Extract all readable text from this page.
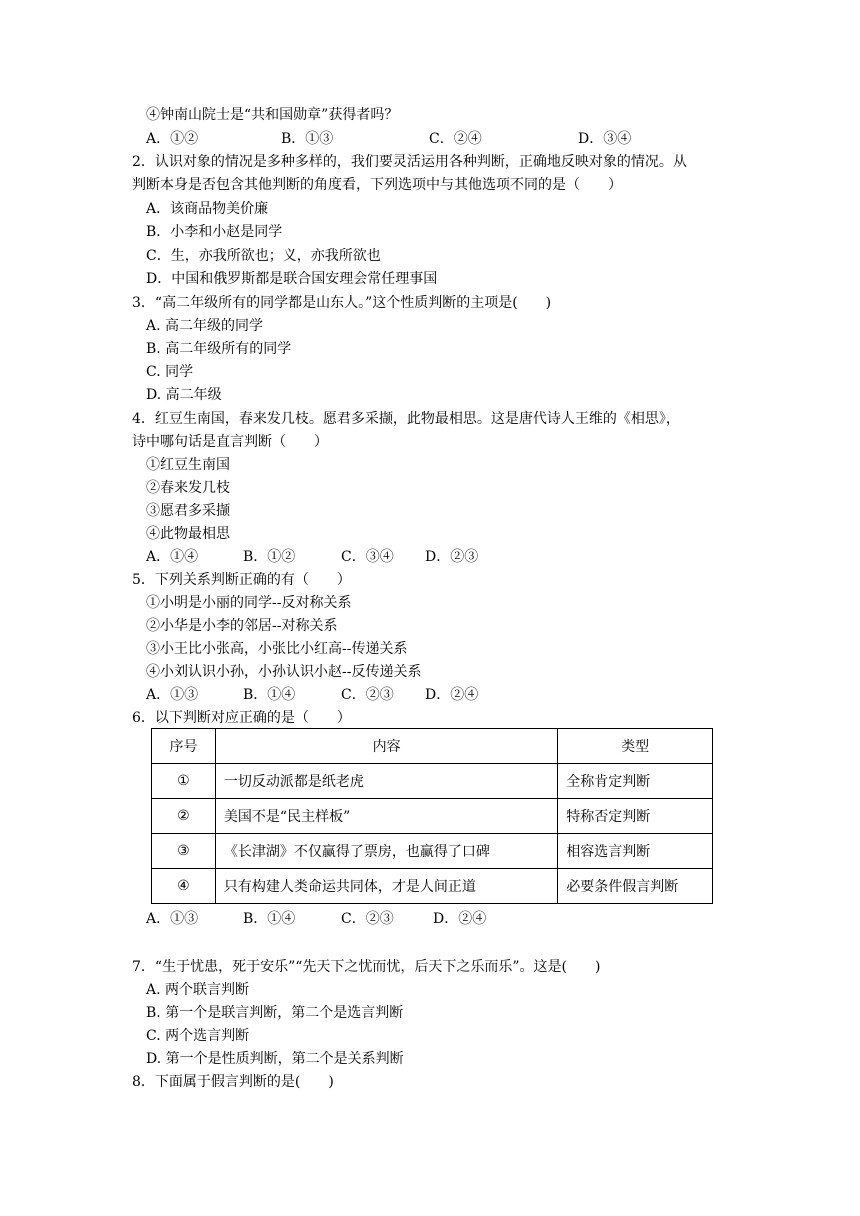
④钟南山院士是“共和国勋章”获得者吗？
A．①②	B．①③	C．②④	D．③④
2．认识对象的情况是多种多样的，我们要灵活运用各种判断，正确地反映对象的情况。从
判断本身是否包含其他判断的角度看，下列选项中与其他选项不同的是（　　）
A．该商品物美价廉
B．小李和小赵是同学
C．生，亦我所欲也；义，亦我所欲也
D．中国和俄罗斯都是联合国安理会常任理事国
3．“高二年级所有的同学都是山东人。”这个性质判断的主项是(　　)
A. 高二年级的同学
B. 高二年级所有的同学
C. 同学
D. 高二年级
4．红豆生南国，春来发几枝。愿君多采撷，此物最相思。这是唐代诗人王维的《相思》，
诗中哪句话是直言判断（　　）
①红豆生南国
②春来发几枝
③愿君多采撷
④此物最相思
A．①④	B．①②	C．③④ D．②③
5．下列关系判断正确的有（　　）
①小明是小丽的同学--反对称关系
②小华是小李的邻居--对称关系
③小王比小张高，小张比小红高--传递关系
④小刘认识小孙，小孙认识小赵--反传递关系
A．①③	B．①④	C．②③ D．②④
6．以下判断对应正确的是（　　）
序号	内容	类型
①	一切反动派都是纸老虎	全称肯定判断
②	美国不是“民主样板”	特称否定判断
③	《长津湖》不仅赢得了票房，也赢得了口碑	相容选言判断
④	只有构建人类命运共同体，才是人间正道	必要条件假言判断
A．①③	B．①④	C．②③	D．②④
7．“生于忧患，死于安乐”“先天下之忧而忧，后天下之乐而乐”。这是(　　)
A. 两个联言判断
B. 第一个是联言判断，第二个是选言判断
C. 两个选言判断
D. 第一个是性质判断，第二个是关系判断
8．下面属于假言判断的是(　　)
